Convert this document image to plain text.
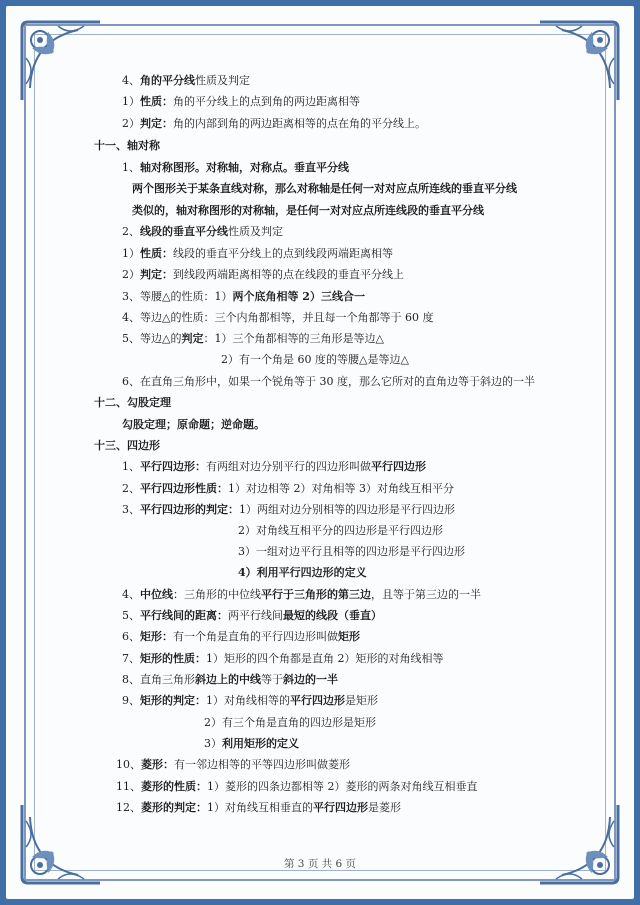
4、角的平分线性质及判定
1）性质：角的平分线上的点到角的两边距离相等
2）判定：角的内部到角的两边距离相等的点在角的平分线上。
十一、轴对称
1、轴对称图形。对称轴，对称点。垂直平分线
两个图形关于某条直线对称，那么对称轴是任何一对对应点所连线的垂直平分线
类似的，轴对称图形的对称轴，是任何一对对应点所连线段的垂直平分线
2、线段的垂直平分线性质及判定
1）性质：线段的垂直平分线上的点到线段两端距离相等
2）判定：到线段两端距离相等的点在线段的垂直平分线上
3、等腰△的性质：1）两个底角相等 2）三线合一
4、等边△的性质：三个内角都相等，并且每一个角都等于 60 度
5、等边△的判定：1）三个角都相等的三角形是等边△
2）有一个角是 60 度的等腰△是等边△
6、在直角三角形中，如果一个锐角等于 30 度，那么它所对的直角边等于斜边的一半
十二、勾股定理
勾股定理；原命题；逆命题。
十三、四边形
1、平行四边形：有两组对边分别平行的四边形叫做平行四边形
2、平行四边形性质：1）对边相等 2）对角相等 3）对角线互相平分
3、平行四边形的判定：1）两组对边分别相等的四边形是平行四边形
2）对角线互相平分的四边形是平行四边形
3）一组对边平行且相等的四边形是平行四边形
4）利用平行四边形的定义
4、中位线：三角形的中位线平行于三角形的第三边，且等于第三边的一半
5、平行线间的距离：两平行线间最短的线段（垂直）
6、矩形：有一个角是直角的平行四边形叫做矩形
7、矩形的性质：1）矩形的四个角都是直角 2）矩形的对角线相等
8、直角三角形斜边上的中线等于斜边的一半
9、矩形的判定：1）对角线相等的平行四边形是矩形
2）有三个角是直角的四边形是矩形
3）利用矩形的定义
10、菱形：有一邻边相等的平等四边形叫做菱形
11、菱形的性质：1）菱形的四条边都相等 2）菱形的两条对角线互相垂直
12、菱形的判定：1）对角线互相垂直的平行四边形是菱形
第 3 页 共 6 页
